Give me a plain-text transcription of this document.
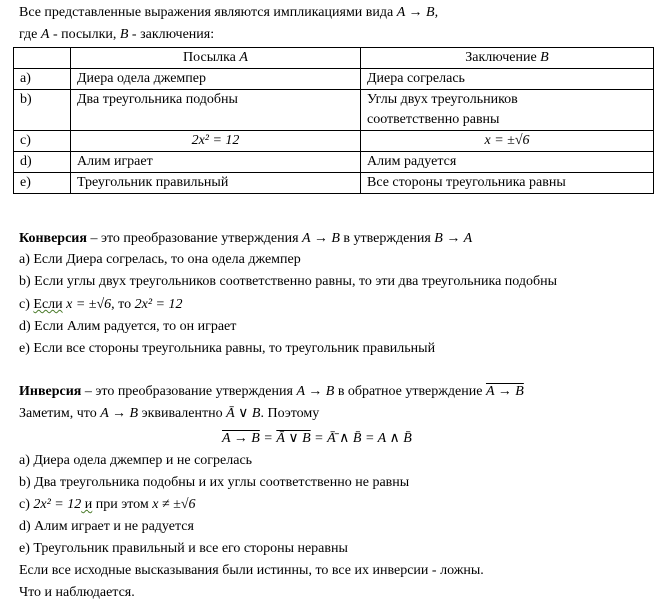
Все представленные выражения являются импликациями вида A → B,
где A - посылки, B - заключения:
	Посылка A	Заключение B
a)	Диера одела джемпер	Диера согрелась
b)	Два треугольника подобны	Углы двух треугольников
соответственно равны

c)	2x² = 12	x = ±√6
d)	Алим играет	Алим радуется
e)	Треугольник правильный	Все стороны треугольника равны
Конверсия – это преобразование утверждения A → B в утверждения B → A
a) Если Диера согрелась, то она одела джемпер
b) Если углы двух треугольников соответственно равны, то эти два треугольника подобны
c) Если x = ±√6, то 2x² = 12
d) Если Алим радуется, то он играет
e) Если все стороны треугольника равны, то треугольник правильный
Инверсия – это преобразование утверждения A → B в обратное утверждение A → B
Заметим, что A → B эквивалентно Ā ∨ B. Поэтому
A → B = Ā ∨ B = Ā̄ ∧ B̄ = A ∧ B̄
a) Диера одела джемпер и не согрелась
b) Два треугольника подобны и их углы соответственно не равны
c) 2x² = 12 и при этом x ≠ ±√6
d) Алим играет и не радуется
e) Треугольник правильный и все его стороны неравны
Если все исходные высказывания были истинны, то все их инверсии - ложны.
Что и наблюдается.
